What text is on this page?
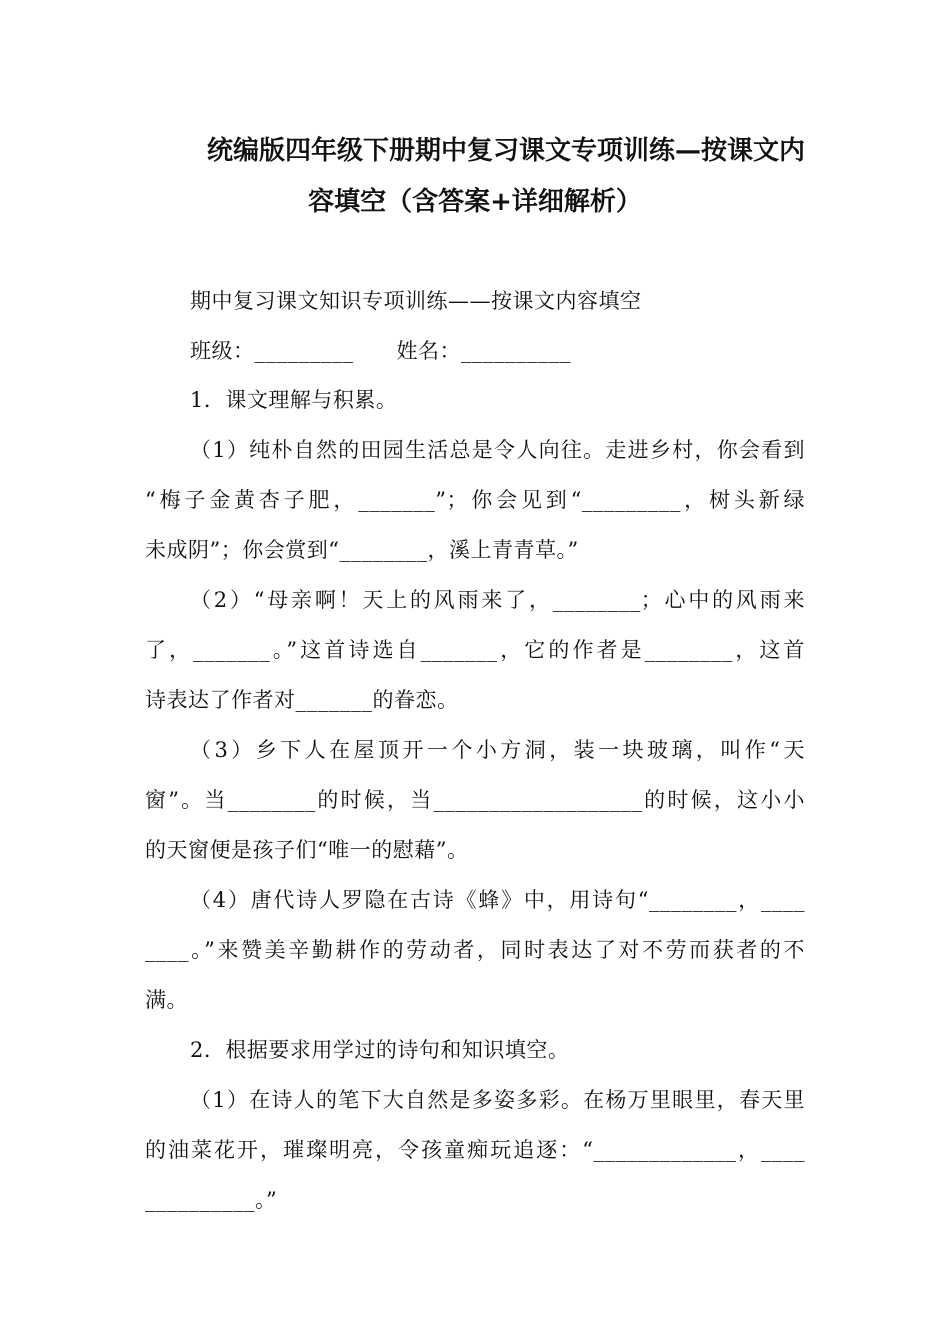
统编版四年级下册期中复习课文专项训练—按课文内
容填空（含答案+详细解析）
期中复习课文知识专项训练——按课文内容填空
班级：_________      姓名：__________
1．课文理解与积累。
（1）纯朴自然的田园生活总是令人向往。走进乡村，你会看到
“梅子金黄杏子肥，_______”；你会见到“_________，树头新绿
未成阴”；你会赏到“________，溪上青青草。”
（2）“母亲啊！天上的风雨来了，________；心中的风雨来
了，_______。”这首诗选自_______，它的作者是________，这首
诗表达了作者对_______的眷恋。
（3）乡下人在屋顶开一个小方洞，装一块玻璃，叫作“天
窗”。当________的时候，当___________________的时候，这小小
的天窗便是孩子们“唯一的慰藉”。
（4）唐代诗人罗隐在古诗《蜂》中，用诗句“________，____
____。”来赞美辛勤耕作的劳动者，同时表达了对不劳而获者的不
满。
2．根据要求用学过的诗句和知识填空。
（1）在诗人的笔下大自然是多姿多彩。在杨万里眼里，春天里
的油菜花开，璀璨明亮，令孩童痴玩追逐：“_____________，____
__________。”
